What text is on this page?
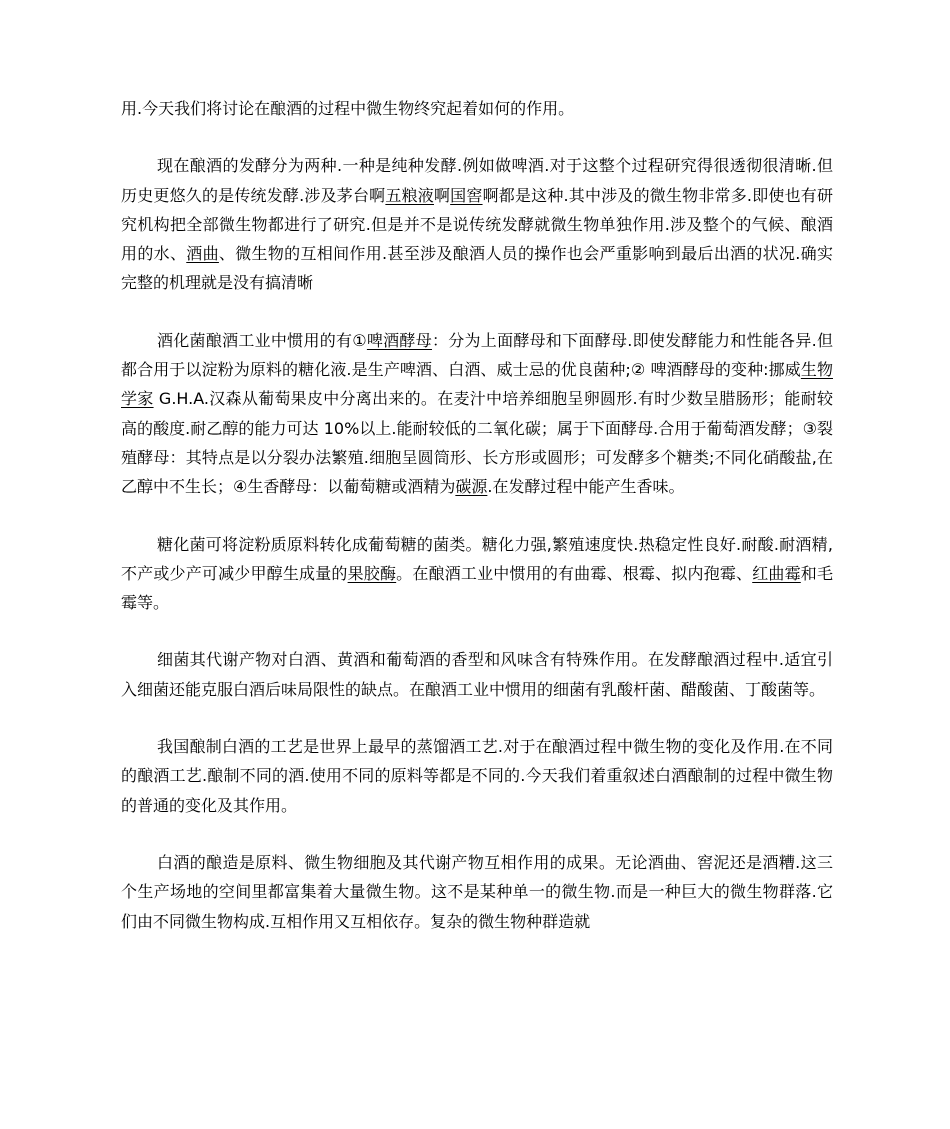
用.今天我们将讨论在酿酒的过程中微生物终究起着如何的作用。

现在酿酒的发酵分为两种.一种是纯种发酵.例如做啤酒.对于这整个过程研究得很透彻很清晰.但历史更悠久的是传统发酵.涉及茅台啊五粮液啊国窖啊都是这种.其中涉及的微生物非常多.即使也有研究机构把全部微生物都进行了研究.但是并不是说传统发酵就微生物单独作用.涉及整个的气候、酿酒用的水、酒曲、微生物的互相间作用.甚至涉及酿酒人员的操作也会严重影响到最后出酒的状况.确实完整的机理就是没有搞清晰

酒化菌酿酒工业中惯用的有①啤酒酵母：分为上面酵母和下面酵母.即使发酵能力和性能各异.但都合用于以淀粉为原料的糖化液.是生产啤酒、白酒、威士忌的优良菌种;② 啤酒酵母的变种:挪威生物学家 G.H.A.汉森从葡萄果皮中分离出来的。在麦汁中培养细胞呈卵圆形.有时少数呈腊肠形；能耐较高的酸度.耐乙醇的能力可达 10%以上.能耐较低的二氧化碳；属于下面酵母.合用于葡萄酒发酵；③裂殖酵母：其特点是以分裂办法繁殖.细胞呈圆筒形、长方形或圆形；可发酵多个糖类;不同化硝酸盐,在乙醇中不生长；④生香酵母：以葡萄糖或酒精为碳源.在发酵过程中能产生香味。

糖化菌可将淀粉质原料转化成葡萄糖的菌类。糖化力强,繁殖速度快.热稳定性良好.耐酸.耐酒精,不产或少产可减少甲醇生成量的果胶酶。在酿酒工业中惯用的有曲霉、根霉、拟内孢霉、红曲霉和毛霉等。

细菌其代谢产物对白酒、黄酒和葡萄酒的香型和风味含有特殊作用。在发酵酿酒过程中.适宜引入细菌还能克服白酒后味局限性的缺点。在酿酒工业中惯用的细菌有乳酸杆菌、醋酸菌、丁酸菌等。

我国酿制白酒的工艺是世界上最早的蒸馏酒工艺.对于在酿酒过程中微生物的变化及作用.在不同的酿酒工艺.酿制不同的酒.使用不同的原料等都是不同的.今天我们着重叙述白酒酿制的过程中微生物的普通的变化及其作用。

白酒的酿造是原料、微生物细胞及其代谢产物互相作用的成果。无论酒曲、窖泥还是酒糟.这三个生产场地的空间里都富集着大量微生物。这不是某种单一的微生物.而是一种巨大的微生物群落.它们由不同微生物构成.互相作用又互相依存。复杂的微生物种群造就
